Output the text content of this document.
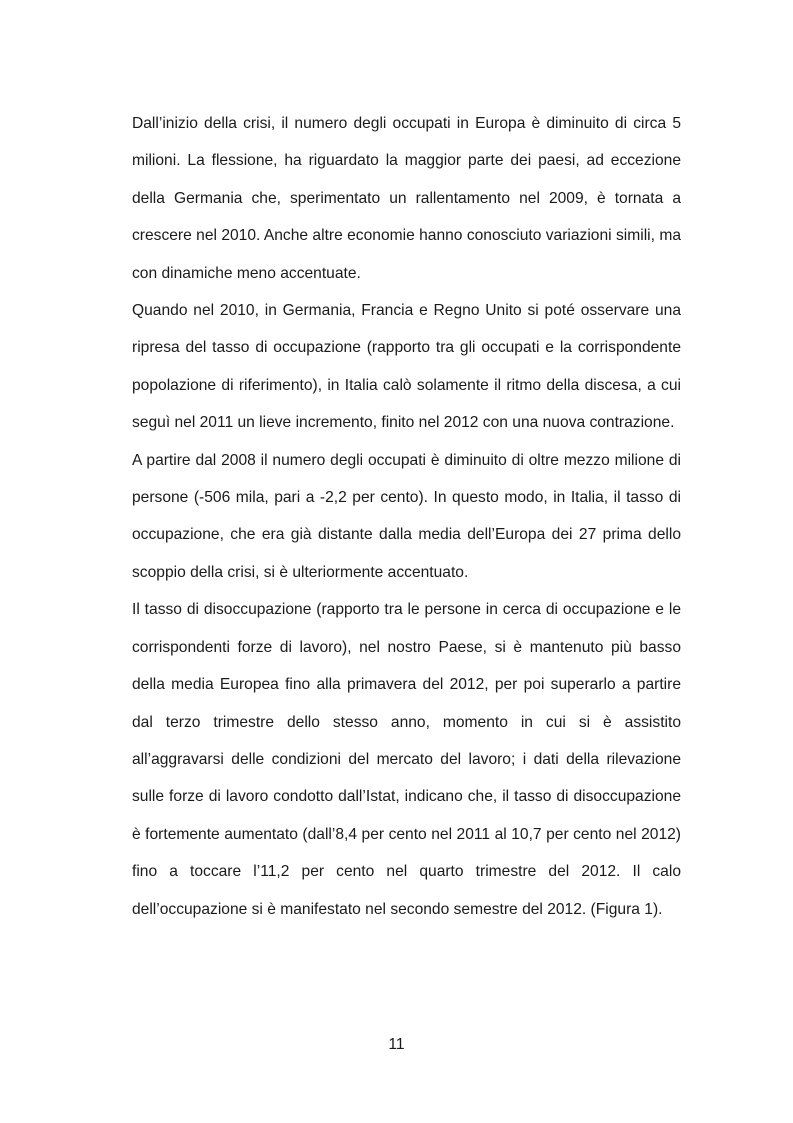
Dall’inizio della crisi, il numero degli occupati in Europa è diminuito di circa 5 milioni. La flessione, ha riguardato la maggior parte dei paesi, ad eccezione della Germania che, sperimentato un rallentamento nel 2009, è tornata a crescere nel 2010. Anche altre economie hanno conosciuto variazioni simili, ma con dinamiche meno accentuate.

Quando nel 2010, in Germania, Francia e Regno Unito si poté osservare una ripresa del tasso di occupazione (rapporto tra gli occupati e la corrispondente popolazione di riferimento), in Italia calò solamente il ritmo della discesa, a cui seguì nel 2011 un lieve incremento, finito nel 2012 con una nuova contrazione.

A partire dal 2008 il numero degli occupati è diminuito di oltre mezzo milione di persone (-506 mila, pari a -2,2 per cento). In questo modo, in Italia, il tasso di occupazione, che era già distante dalla media dell’Europa dei 27 prima dello scoppio della crisi, si è ulteriormente accentuato.

Il tasso di disoccupazione (rapporto tra le persone in cerca di occupazione e le corrispondenti forze di lavoro), nel nostro Paese, si è mantenuto più basso della media Europea fino alla primavera del 2012, per poi superarlo a partire dal terzo trimestre dello stesso anno, momento in cui si è assistito all’aggravarsi delle condizioni del mercato del lavoro; i dati della rilevazione sulle forze di lavoro condotto dall’Istat, indicano che, il tasso di disoccupazione è fortemente aumentato (dall’8,4 per cento nel 2011 al 10,7 per cento nel 2012) fino a toccare l’11,2 per cento nel quarto trimestre del 2012. Il calo dell’occupazione si è manifestato nel secondo semestre del 2012. (Figura 1).

11
